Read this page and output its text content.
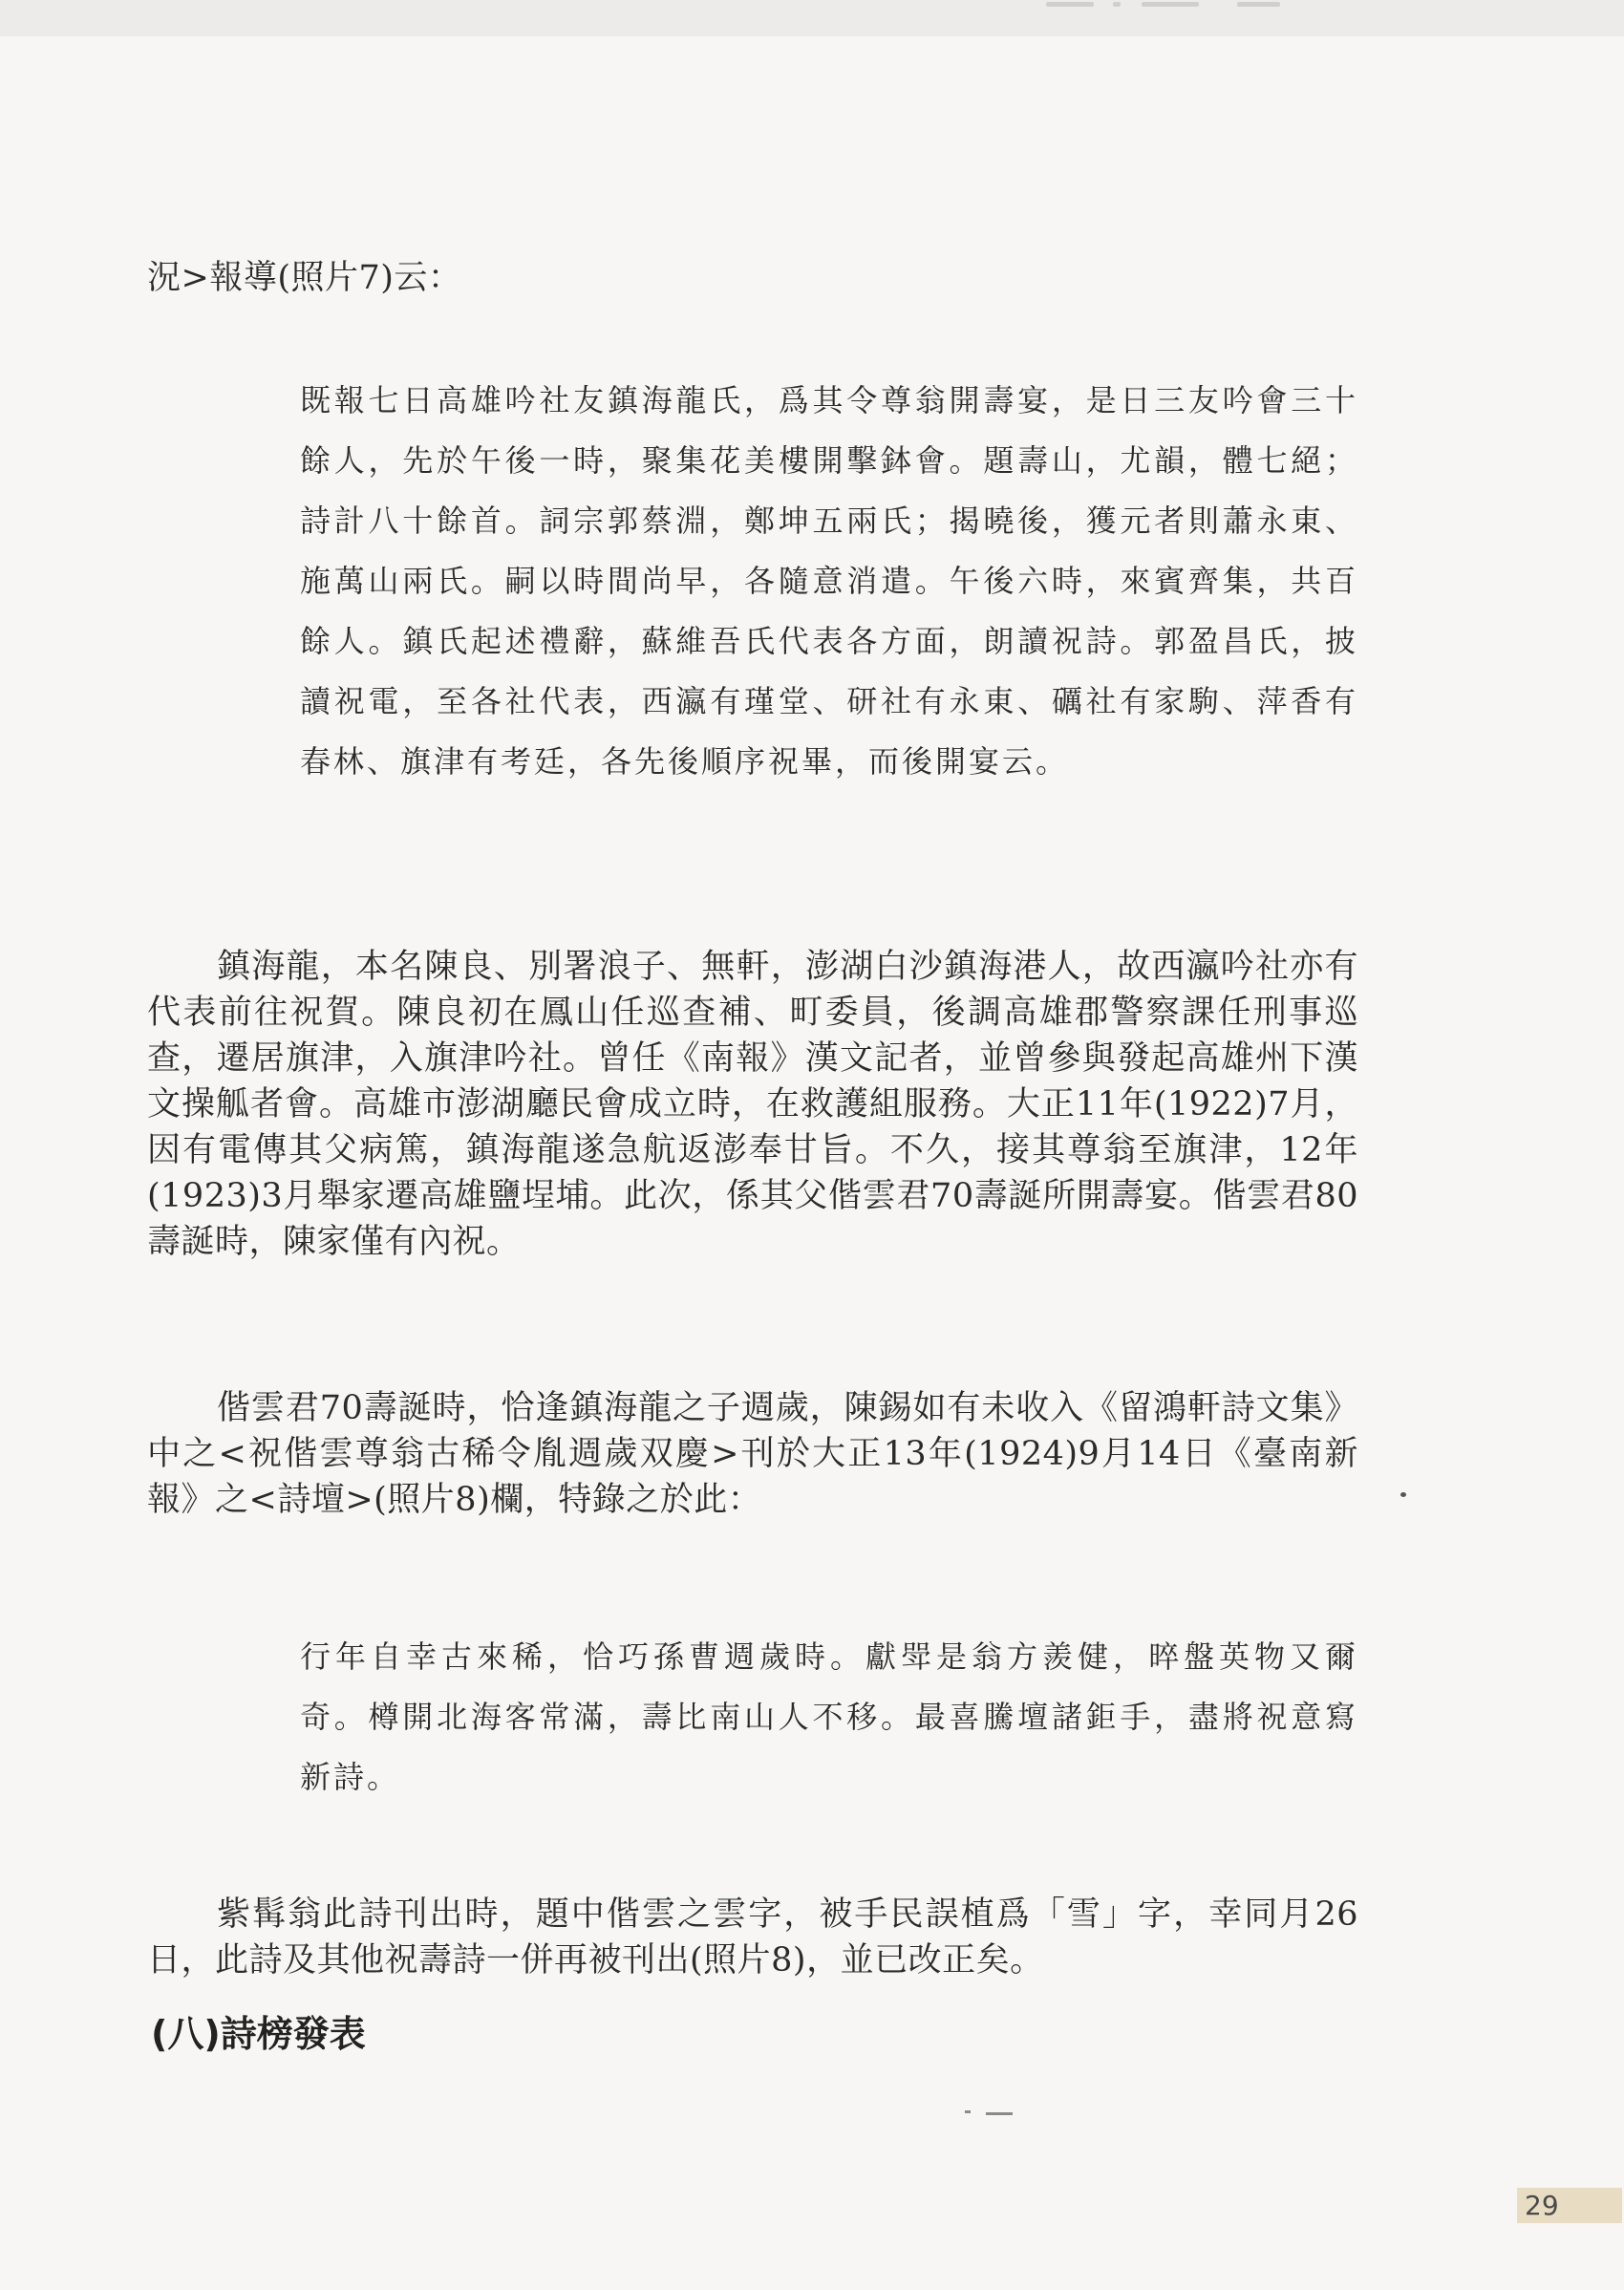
況>報導(照片7)云：

既報七日高雄吟社友鎮海龍氏，爲其令尊翁開壽宴，是日三友吟會三十餘人，先於午後一時，聚集花美樓開擊鉢會。題壽山，尤韻，體七絕；詩計八十餘首。詞宗郭蔡淵，鄭坤五兩氏；揭曉後，獲元者則蕭永東、施萬山兩氏。嗣以時間尚早，各隨意消遣。午後六時，來賓齊集，共百餘人。鎮氏起述禮辭，蘇維吾氏代表各方面，朗讀祝詩。郭盈昌氏，披讀祝電，至各社代表，西瀛有瑾堂、研社有永東、礪社有家駒、萍香有春林、旗津有考廷，各先後順序祝畢，而後開宴云。

鎮海龍，本名陳良、別署浪子、無軒，澎湖白沙鎮海港人，故西瀛吟社亦有代表前往祝賀。陳良初在鳳山任巡查補、町委員，後調高雄郡警察課任刑事巡查，遷居旗津，入旗津吟社。曾任《南報》漢文記者，並曾參與發起高雄州下漢文操觚者會。高雄市澎湖廳民會成立時，在救護組服務。大正11年(1922)7月，因有電傳其父病篤，鎮海龍遂急航返澎奉甘旨。不久，接其尊翁至旗津，12年(1923)3月舉家遷高雄鹽埕埔。此次，係其父偕雲君70壽誕所開壽宴。偕雲君80壽誕時，陳家僅有內祝。

偕雲君70壽誕時，恰逢鎮海龍之子週歲，陳錫如有未收入《留鴻軒詩文集》中之<祝偕雲尊翁古稀令胤週歲双慶>刊於大正13年(1924)9月14日《臺南新報》之<詩壇>(照片8)欄，特錄之於此：

行年自幸古來稀，恰巧孫曹週歲時。獻斝是翁方羨健，晬盤英物又爾奇。樽開北海客常滿，壽比南山人不移。最喜騰壇諸鉅手，盡將祝意寫新詩。

紫髯翁此詩刊出時，題中偕雲之雲字，被手民誤植爲「雪」字，幸同月26日，此詩及其他祝壽詩一併再被刊出(照片8)，並已改正矣。

(八)詩榜發表
29
